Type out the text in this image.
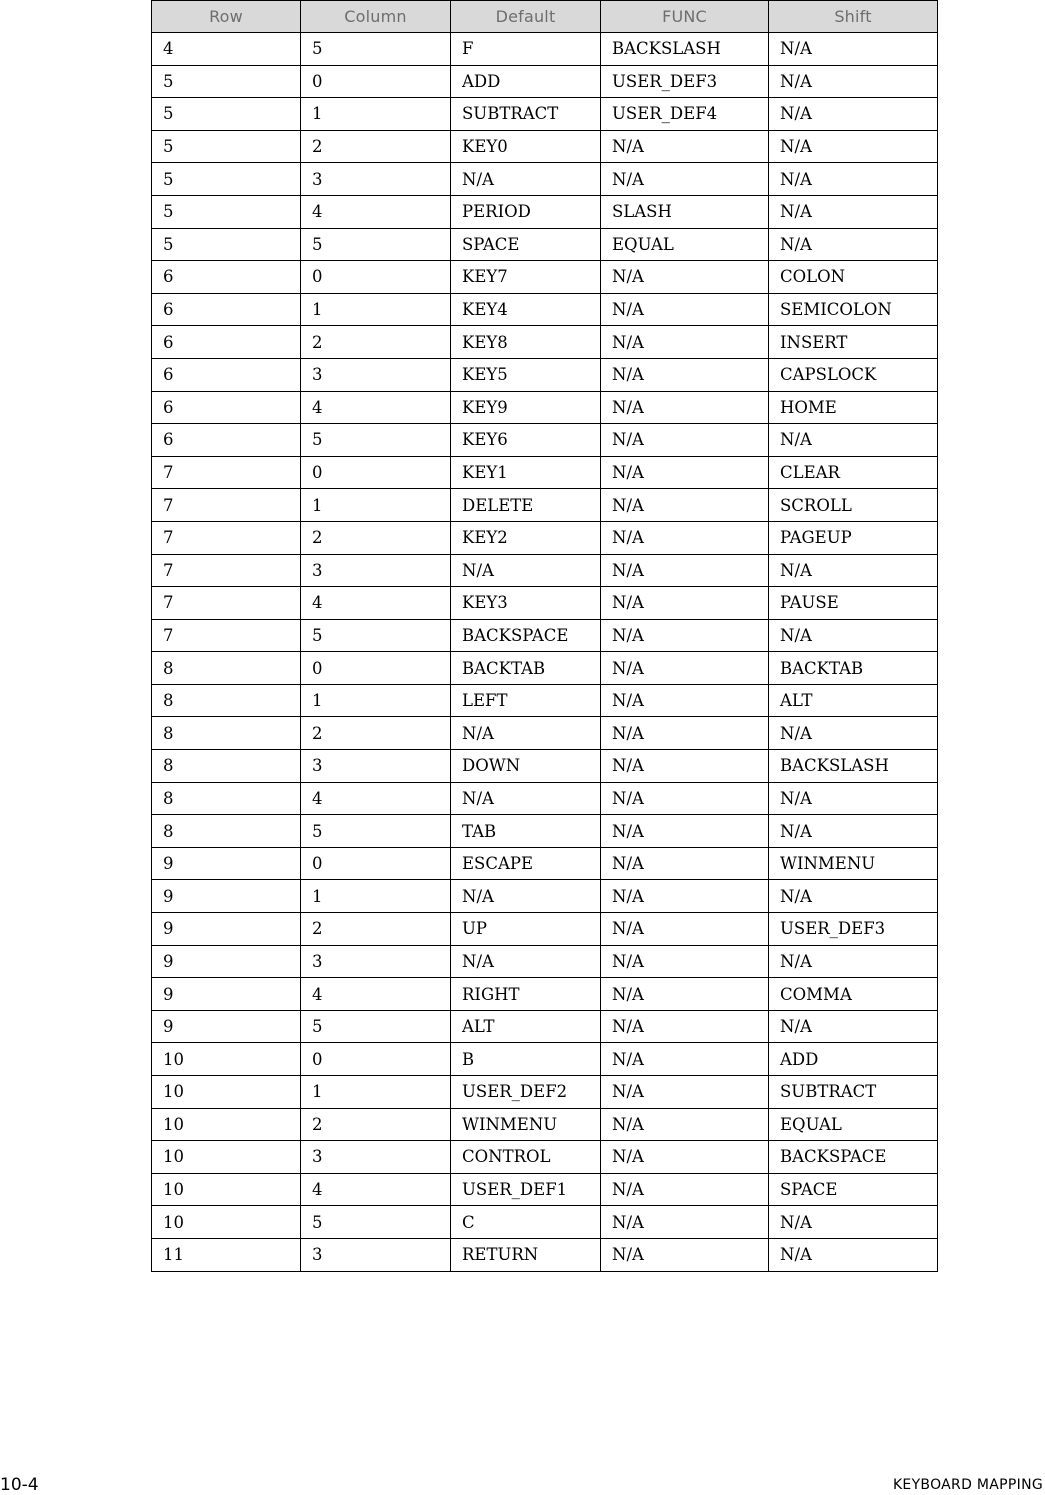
Row	Column	Default	FUNC	Shift
4	5	F	BACKSLASH	N/A
5	0	ADD	USER_DEF3	N/A
5	1	SUBTRACT	USER_DEF4	N/A
5	2	KEY0	N/A	N/A
5	3	N/A	N/A	N/A
5	4	PERIOD	SLASH	N/A
5	5	SPACE	EQUAL	N/A
6	0	KEY7	N/A	COLON
6	1	KEY4	N/A	SEMICOLON
6	2	KEY8	N/A	INSERT
6	3	KEY5	N/A	CAPSLOCK
6	4	KEY9	N/A	HOME
6	5	KEY6	N/A	N/A
7	0	KEY1	N/A	CLEAR
7	1	DELETE	N/A	SCROLL
7	2	KEY2	N/A	PAGEUP
7	3	N/A	N/A	N/A
7	4	KEY3	N/A	PAUSE
7	5	BACKSPACE	N/A	N/A
8	0	BACKTAB	N/A	BACKTAB
8	1	LEFT	N/A	ALT
8	2	N/A	N/A	N/A
8	3	DOWN	N/A	BACKSLASH
8	4	N/A	N/A	N/A
8	5	TAB	N/A	N/A
9	0	ESCAPE	N/A	WINMENU
9	1	N/A	N/A	N/A
9	2	UP	N/A	USER_DEF3
9	3	N/A	N/A	N/A
9	4	RIGHT	N/A	COMMA
9	5	ALT	N/A	N/A
10	0	B	N/A	ADD
10	1	USER_DEF2	N/A	SUBTRACT
10	2	WINMENU	N/A	EQUAL
10	3	CONTROL	N/A	BACKSPACE
10	4	USER_DEF1	N/A	SPACE
10	5	C	N/A	N/A
11	3	RETURN	N/A	N/A
10-4	KEYBOARD MAPPING
